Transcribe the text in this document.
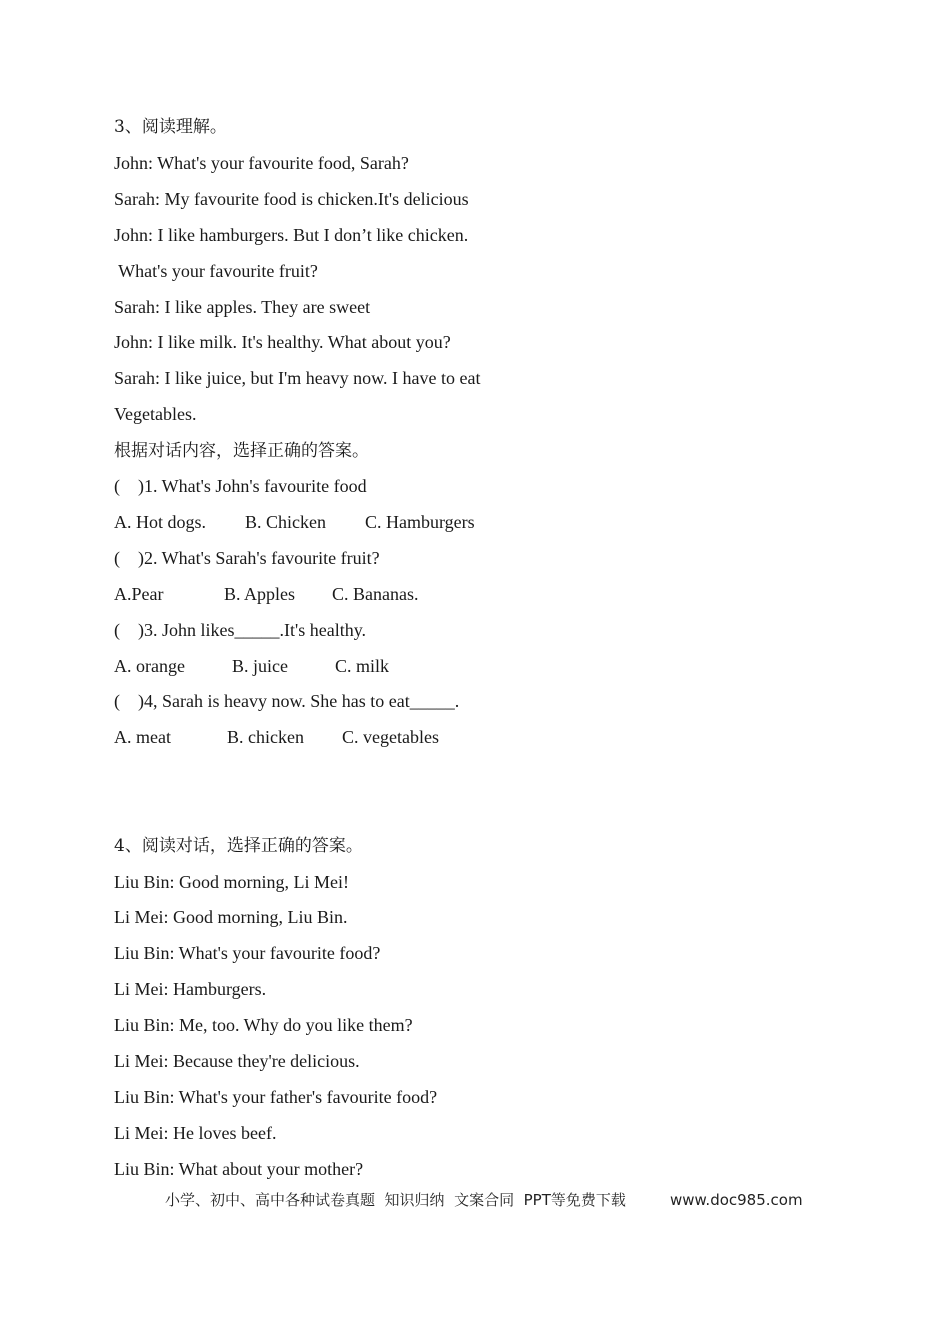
3、阅读理解。
John: What's your favourite food, Sarah?
Sarah: My favourite food is chicken.It's delicious
John: I like hamburgers. But I don’t like chicken.
What's your favourite fruit?
Sarah: I like apples. They are sweet
John: I like milk. It's healthy. What about you?
Sarah: I like juice, but I'm heavy now. I have to eat
Vegetables.
根据对话内容，选择正确的答案。
(    )1. What's John's favourite food
A. Hot dogs. B. Chicken C. Hamburgers
(    )2. What's Sarah's favourite fruit?
A.Pear	B. Apples C. Bananas.
(    )3. John likes_____.It's healthy.
A. orange	B. juice	C. milk
(    )4, Sarah is heavy now. She has to eat_____.
A. meat	B. chicken C. vegetables
4、阅读对话，选择正确的答案。
Liu Bin: Good morning, Li Mei!
Li Mei: Good morning, Liu Bin.
Liu Bin: What's your favourite food?
Li Mei: Hamburgers.
Liu Bin: Me, too. Why do you like them?
Li Mei: Because they're delicious.
Liu Bin: What's your father's favourite food?
Li Mei: He loves beef.
Liu Bin: What about your mother?
小学、初中、高中各种试卷真题  知识归纳  文案合同  PPT等免费下载	www.doc985.com
